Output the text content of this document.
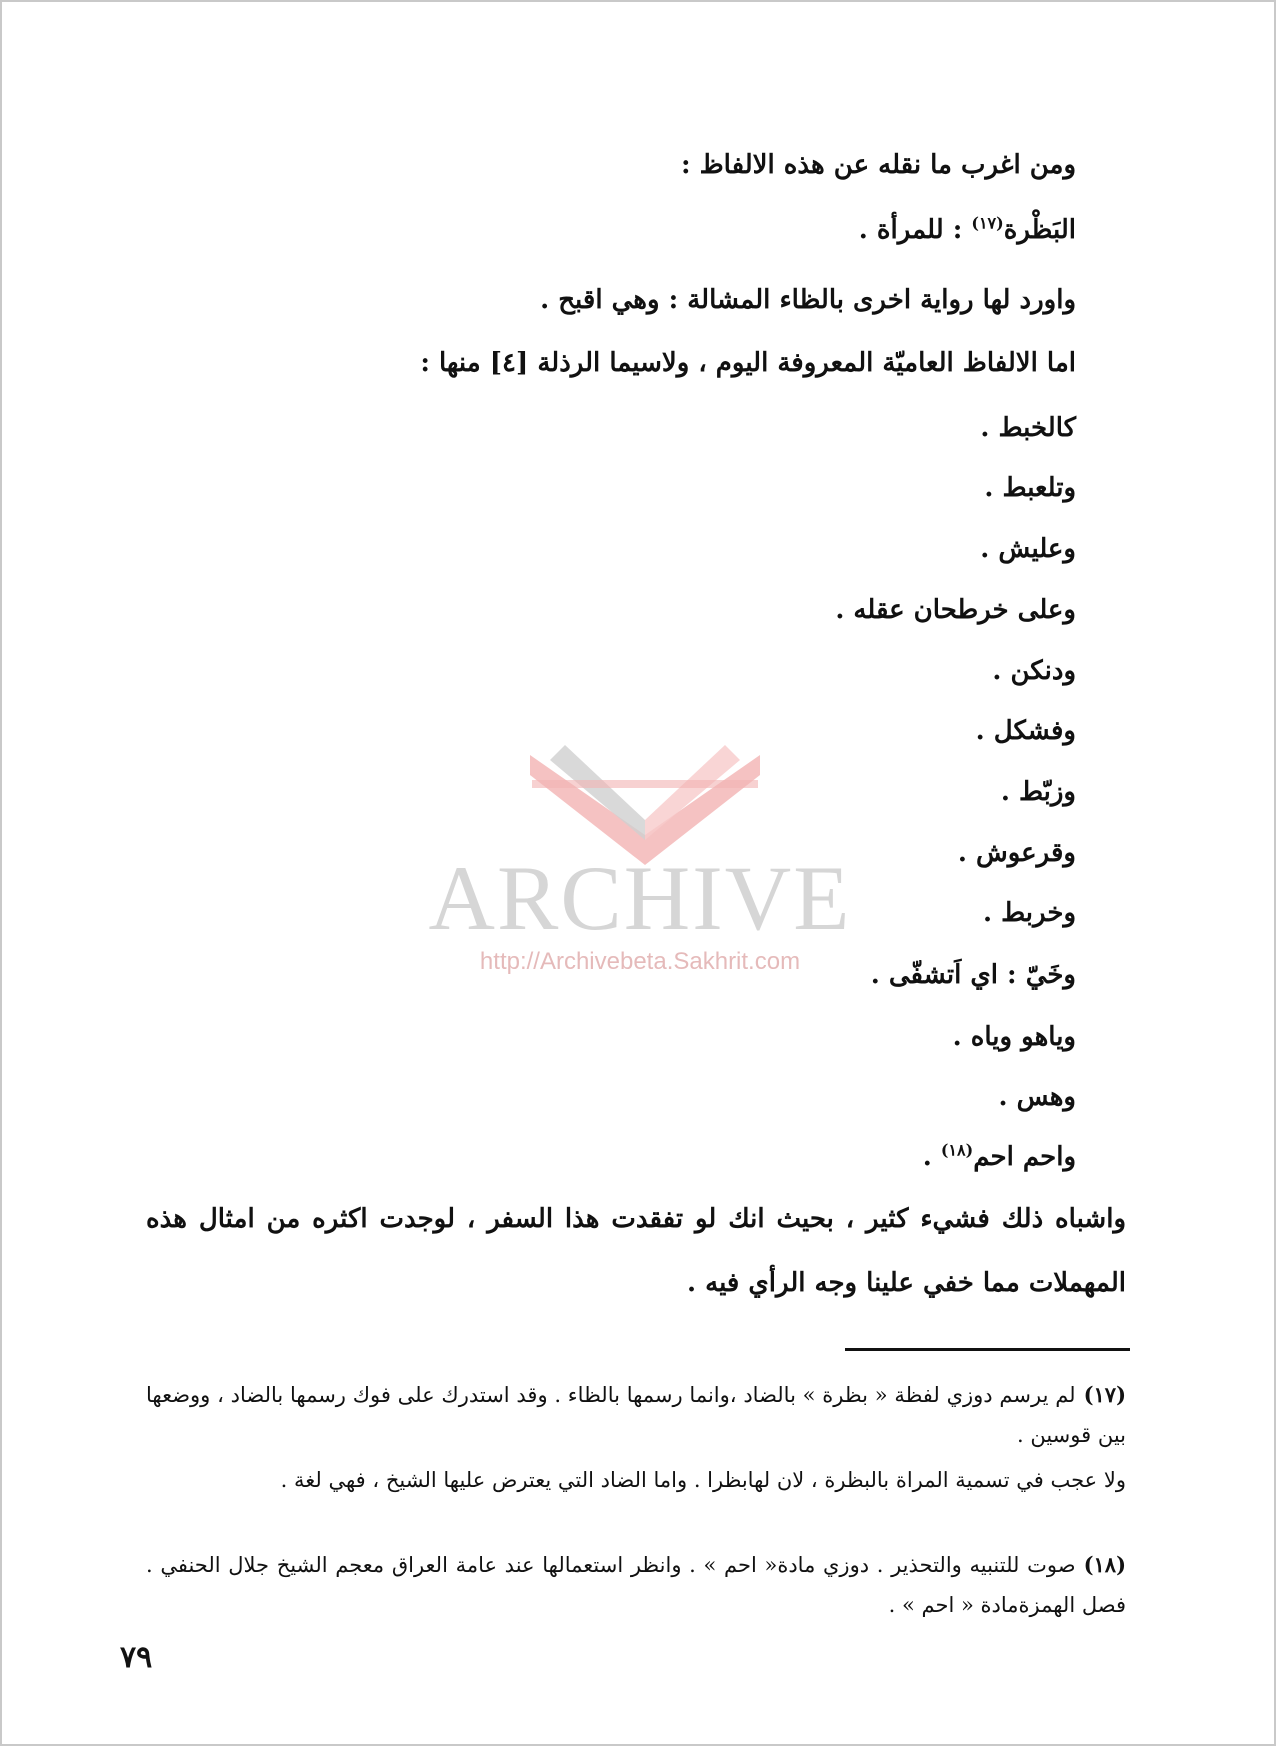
ومن اغرب ما نقله عن هذه الالفاظ :
البَظْرة$^{(١٧)}$ : للمرأة .
واورد لها رواية اخرى بالظاء المشالة : وهي اقبح .
اما الالفاظ العاميّة المعروفة اليوم ، ولاسيما الرذلة [٤] منها :
كالخبط .
وتلعبط .
وعليش .
وعلى خرطحان عقله .
ودنكن .
وفشكل .
وزبّط .
وقرعوش .
وخربط .
وخَيّ : اي اَتشفّى .
وياهو وياه .
وهس .
واحم احم$^{(١٨)}$ .
واشباه ذلك فشيء كثير ، بحيث انك لو تفقدت هذا السفر ، لوجدت اكثره من امثال هذه المهملات مما خفي علينا وجه الرأي فيه .
(١٧)لم يرسم دوزي لفظة « بظرة » بالضاد ،وانما رسمها بالظاء . وقد استدرك على فوك رسمها بالضاد ، ووضعها بين قوسين .
ولا عجب في تسمية المراة بالبظرة ، لان لهابظرا . واما الضاد التي يعترض عليها الشيخ ، فهي لغة .
(١٨)صوت للتنبيه والتحذير . دوزي مادة« احم » . وانظر استعمالها عند عامة العراق معجم الشيخ جلال الحنفي . فصل الهمزةمادة « احم » .
٧٩
ARCHIVE
http://Archivebeta.Sakhrit.com
